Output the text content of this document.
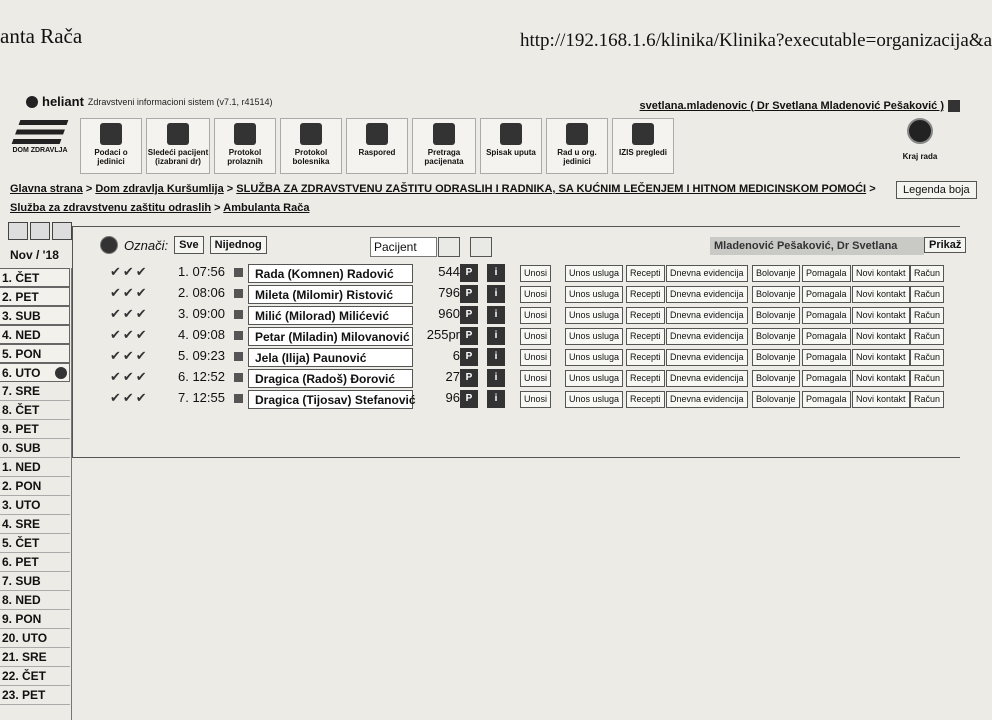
anta Rača	http://192.168.1.6/klinika/Klinika?executable=organizacija&a
heliant Zdravstveni informacioni sistem (v7.1, r41514)	svetlana.mladenovic ( Dr Svetlana Mladenović Pešaković )
DOM ZDRAVLJA	Podaci o jedinici
Sledeći pacijent (izabrani dr)
Protokol prolaznih
Protokol bolesnika
Raspored	Pretraga pacijenata
Spisak uputa	Rad u org. jedinici
IZIS pregledi	Kraj rada
Glavna strana > Dom zdravlja Kuršumlija > SLUŽBA ZA ZDRAVSTVENU ZAŠTITU ODRASLIH I RADNIKA, SA KUĆNIM LEČENJEM I HITNOM MEDICINSKOM POMOĆI >
Služba za zdravstvenu zaštitu odraslih > Ambulanta Rača
Legenda boja
Nov / '18
1. ČET
2. PET
3. SUB
4. NED
5. PON
6. UTO
7. SRE
8. ČET
9. PET
0. SUB
1. NED
2. PON
3. UTO
4. SRE
5. ČET
6. PET
7. SUB
8. NED
9. PON
20. UTO
21. SRE
22. ČET
23. PET
Označi:	Sve	Nijednog	Pacijent	Mladenović Pešaković, Dr Svetlana	Prikaž
✔✔✔ 1. 07:56	Rada (Komnen) Radović	544 P	i	Unosi	Unos usluga	Recepti	Dnevna evidencija	Bolovanje	Pomagala	Novi kontakt Račun
✔✔✔ 2. 08:06	Mileta (Milomir) Ristović	796 P	i	Unosi	Unos usluga	Recepti	Dnevna evidencija	Bolovanje	Pomagala	Novi kontakt Račun
✔✔✔ 3. 09:00	Milić (Milorad) Milićević	960 P	i	Unosi	Unos usluga	Recepti	Dnevna evidencija	Bolovanje	Pomagala	Novi kontakt Račun
✔✔✔ 4. 09:08	Petar (Miladin) Milovanović	255pr P	i	Unosi	Unos usluga	Recepti	Dnevna evidencija	Bolovanje	Pomagala	Novi kontakt Račun
✔✔✔ 5. 09:23	Jela (Ilija) Paunović	6 P	i	Unosi	Unos usluga	Recepti	Dnevna evidencija	Bolovanje	Pomagala	Novi kontakt Račun
✔✔✔ 6. 12:52	Dragica (Radoš) Đorović	27 P	i	Unosi	Unos usluga	Recepti	Dnevna evidencija	Bolovanje	Pomagala	Novi kontakt Račun
✔✔✔ 7. 12:55	Dragica (Tijosav) Stefanović	96 P	i	Unosi	Unos usluga	Recepti	Dnevna evidencija	Bolovanje	Pomagala	Novi kontakt Račun
